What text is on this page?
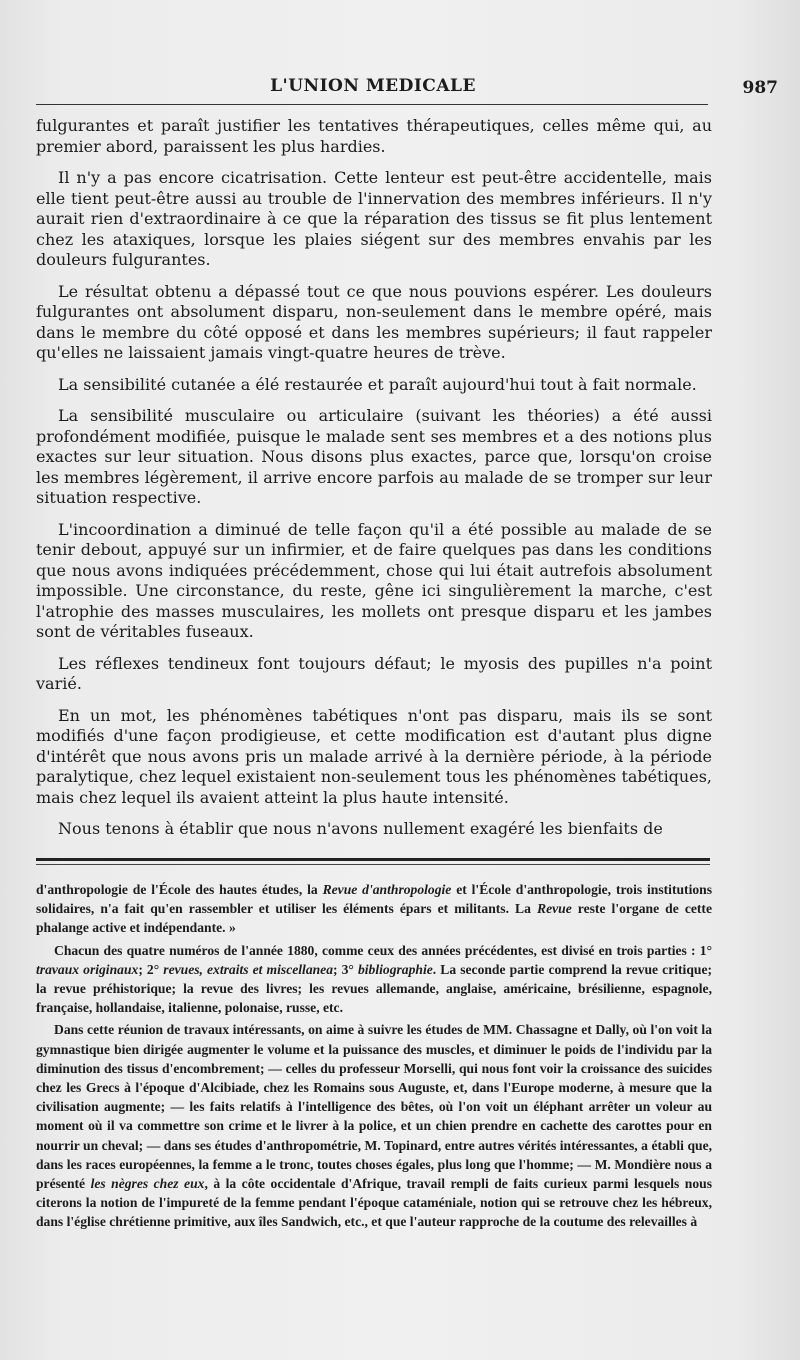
L'UNION MEDICALE	987

fulgurantes et paraît justifier les tentatives thérapeutiques, celles même qui, au premier abord, paraissent les plus hardies.

Il n'y a pas encore cicatrisation. Cette lenteur est peut-être accidentelle, mais elle tient peut-être aussi au trouble de l'innervation des membres inférieurs. Il n'y aurait rien d'extraordinaire à ce que la réparation des tissus se fit plus lentement chez les ataxiques, lorsque les plaies siégent sur des membres envahis par les douleurs fulgurantes.

Le résultat obtenu a dépassé tout ce que nous pouvions espérer. Les douleurs fulgurantes ont absolument disparu, non-seulement dans le membre opéré, mais dans le membre du côté opposé et dans les membres supérieurs; il faut rappeler qu'elles ne laissaient jamais vingt-quatre heures de trève.

La sensibilité cutanée a élé restaurée et paraît aujourd'hui tout à fait normale.

La sensibilité musculaire ou articulaire (suivant les théories) a été aussi profondément modifiée, puisque le malade sent ses membres et a des notions plus exactes sur leur situation. Nous disons plus exactes, parce que, lorsqu'on croise les membres légèrement, il arrive encore parfois au malade de se tromper sur leur situation respective.

L'incoordination a diminué de telle façon qu'il a été possible au malade de se tenir debout, appuyé sur un infirmier, et de faire quelques pas dans les conditions que nous avons indiquées précédemment, chose qui lui était autrefois absolument impossible. Une circonstance, du reste, gêne ici singulièrement la marche, c'est l'atrophie des masses musculaires, les mollets ont presque disparu et les jambes sont de véritables fuseaux.

Les réflexes tendineux font toujours défaut; le myosis des pupilles n'a point varié.

En un mot, les phénomènes tabétiques n'ont pas disparu, mais ils se sont modifiés d'une façon prodigieuse, et cette modification est d'autant plus digne d'intérêt que nous avons pris un malade arrivé à la dernière période, à la période paralytique, chez lequel existaient non-seulement tous les phénomènes tabétiques, mais chez lequel ils avaient atteint la plus haute intensité.

Nous tenons à établir que nous n'avons nullement exagéré les bienfaits de

d'anthropologie de l'École des hautes études, la Revue d'anthropologie et l'École d'anthropologie, trois institutions solidaires, n'a fait qu'en rassembler et utiliser les éléments épars et militants. La Revue reste l'organe de cette phalange active et indépendante. »

Chacun des quatre numéros de l'année 1880, comme ceux des années précédentes, est divisé en trois parties : 1° travaux originaux; 2° revues, extraits et miscellanea; 3° bibliographie. La seconde partie comprend la revue critique; la revue préhistorique; la revue des livres; les revues allemande, anglaise, américaine, brésilienne, espagnole, française, hollandaise, italienne, polonaise, russe, etc.

Dans cette réunion de travaux intéressants, on aime à suivre les études de MM. Chassagne et Dally, où l'on voit la gymnastique bien dirigée augmenter le volume et la puissance des muscles, et diminuer le poids de l'individu par la diminution des tissus d'encombrement; — celles du professeur Morselli, qui nous font voir la croissance des suicides chez les Grecs à l'époque d'Alcibiade, chez les Romains sous Auguste, et, dans l'Europe moderne, à mesure que la civilisation augmente; — les faits relatifs à l'intelligence des bêtes, où l'on voit un éléphant arrêter un voleur au moment où il va commettre son crime et le livrer à la police, et un chien prendre en cachette des carottes pour en nourrir un cheval; — dans ses études d'anthropométrie, M. Topinard, entre autres vérités intéressantes, a établi que, dans les races européennes, la femme a le tronc, toutes choses égales, plus long que l'homme; — M. Mondière nous a présenté les nègres chez eux, à la côte occidentale d'Afrique, travail rempli de faits curieux parmi lesquels nous citerons la notion de l'impureté de la femme pendant l'époque cataméniale, notion qui se retrouve chez les hébreux, dans l'église chrétienne primitive, aux îles Sandwich, etc., et que l'auteur rapproche de la coutume des relevailles à
